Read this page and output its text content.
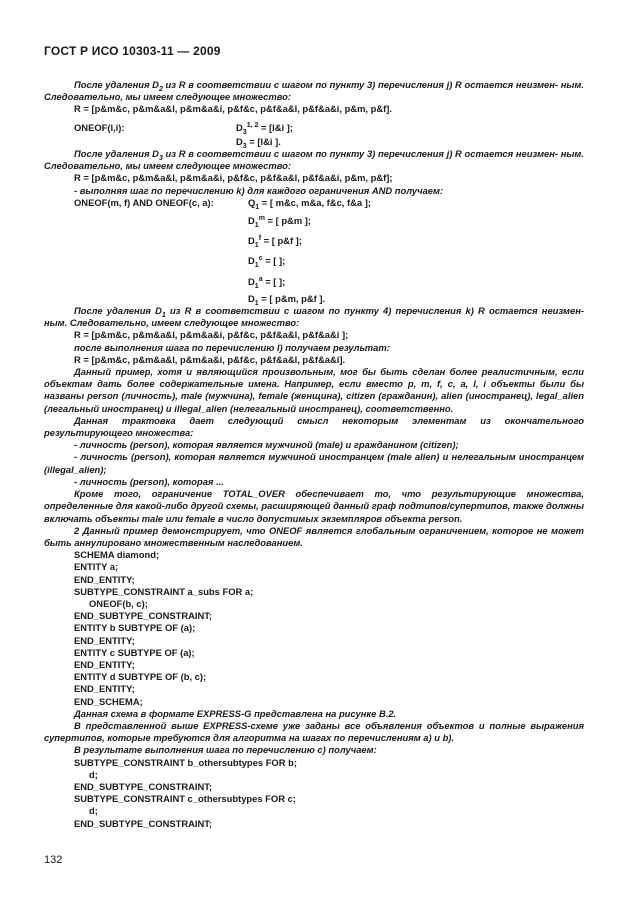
ГОСТ Р ИСО 10303-11 — 2009

После удаления $D_2$ из R в соответствии с шагом по пункту 3) перечисления j) R остается неизмен- ным. Следовательно, мы имеем следующее множество:

R = [p&m&c, p&m&a&l, p&m&a&i, p&f&c, p&f&a&l, p&f&a&i, p&m, p&f].

ONEOF(l,i):	$D_3^{1, 2}$ = [l&i ];
$D_3$ = [l&i ].

После удаления $D_3$ из R в соответствии с шагом по пункту 3) перечисления j) R остается неизмен- ным. Следовательно, мы имеем следующее множество:

R = [p&m&c, p&m&a&l, p&m&a&i, p&f&c, p&f&a&l, p&f&a&i, p&m, p&f];

- выполняя шаг по перечислению k) для каждого ограничения AND получаем:

ONEOF(m, f) AND ONEOF(c, a):	$Q_1$ = [ m&c, m&a, f&c, f&a ];
$D_1^m$ = [ p&m ];
$D_1^f$ = [ p&f ];
$D_1^c$ = [ ];
$D_1^a$ = [ ];
$D_1$ = [ p&m, p&f ].

После удаления $D_1$ из R в соответствии с шагом по пункту 4) перечисления k) R остается неизмен- ным. Следовательно, имеем следующее множество:

R = [p&m&c, p&m&a&l, p&m&a&i, p&f&c, p&f&a&l, p&f&a&i ];

после выполнения шага по перечислению l) получаем результат:

R = [p&m&c, p&m&a&l, p&m&a&i, p&f&c, p&f&a&l, p&f&a&i].

Данный пример, хотя и являющийся произвольным, мог бы быть сделан более реалистичным, если объектам дать более содержательные имена. Например, если вместо p, m, f, c, a, l, i объекты были бы названы person (личность), male (мужчина), female (женщина), citizen (гражданин), alien (иностранец), legal_alien (легальный иностранец) и illegal_alien (нелегальный иностранец), соответственно.

Данная трактовка дает следующий смысл некоторым элементам из окончательного результирующего множества:

- личность (person), которая является мужчиной (male) и гражданином (citizen);

- личность (person), которая является мужчиной иностранцем (male alien) и нелегальным иностранцем (illegal_alien);

- личность (person), которая ...

Кроме того, ограничение TOTAL_OVER обеспечивает то, что результирующие множества, определенные для какой-либо другой схемы, расширяющей данный граф подтипов/супертипов, также должны включать объекты male или female в число допустимых экземпляров объекта person.

2 Данный пример демонстрирует, что ONEOF является глобальным ограничением, которое не может быть аннулировано множественным наследованием.

SCHEMA diamond;

ENTITY a;

END_ENTITY;

SUBTYPE_CONSTRAINT a_subs FOR a;

ONEOF(b, c);

END_SUBTYPE_CONSTRAINT;

ENTITY b SUBTYPE OF (a);

END_ENTITY;

ENTITY c SUBTYPE OF (a);

END_ENTITY;

ENTITY d SUBTYPE OF (b, c);

END_ENTITY;

END_SCHEMA;

Данная схема в формате EXPRESS-G представлена на рисунке B.2.

В представленной выше EXPRESS-схеме уже заданы все объявления объектов и полные выражения супертипов, которые требуются для алгоритма на шагах по перечислениям а) и b).

В результате выполнения шага по перечислению c) получаем:

SUBTYPE_CONSTRAINT b_othersubtypes FOR b;

d;

END_SUBTYPE_CONSTRAINT;

SUBTYPE_CONSTRAINT c_othersubtypes FOR c;

d;

END_SUBTYPE_CONSTRAINT;

132
